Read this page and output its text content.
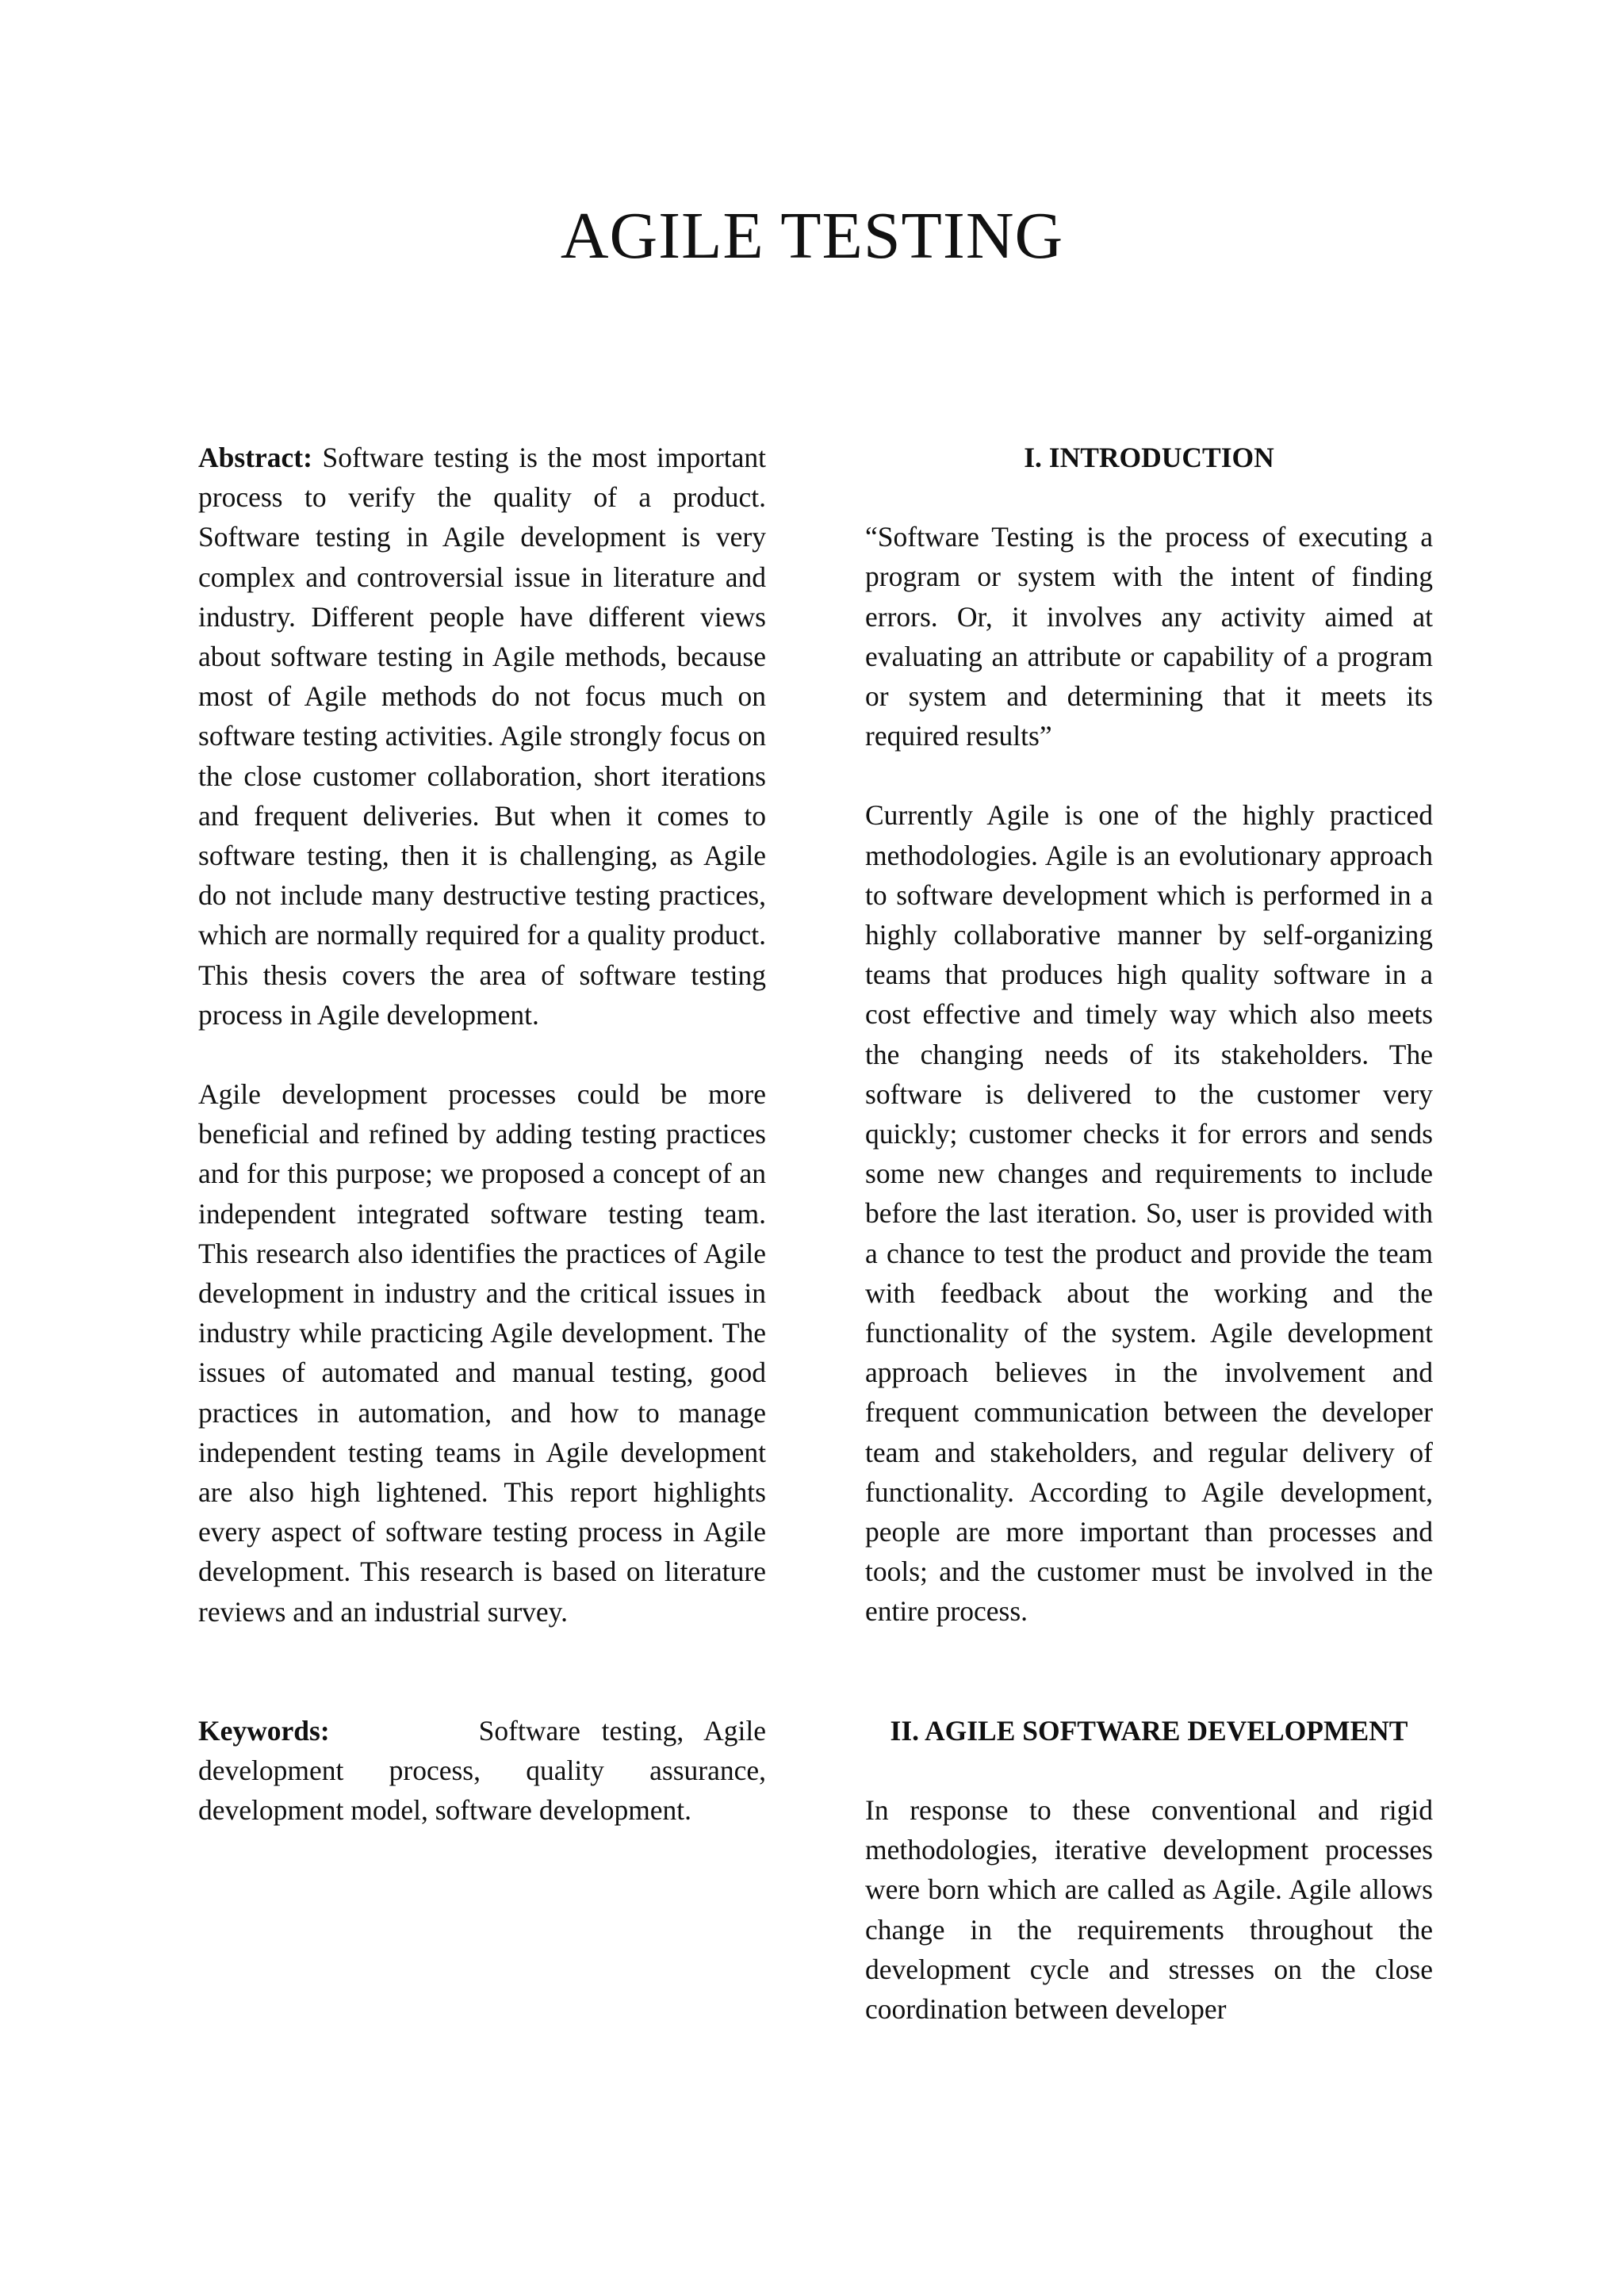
AGILE TESTING

Abstract: Software testing is the most important process to verify the quality of a product. Software testing in Agile development is very complex and controversial issue in literature and industry. Different people have different views about software testing in Agile methods, because most of Agile methods do not focus much on software testing activities. Agile strongly focus on the close customer collaboration, short iterations and frequent deliveries. But when it comes to software testing, then it is challenging, as Agile do not include many destructive testing practices, which are normally required for a quality product. This thesis covers the area of software testing process in Agile development.

Agile development processes could be more beneficial and refined by adding testing practices and for this purpose; we proposed a concept of an independent integrated software testing team. This research also identifies the practices of Agile development in industry and the critical issues in industry while practicing Agile development. The issues of automated and manual testing, good practices in automation, and how to manage independent testing teams in Agile development are also high lightened. This report highlights every aspect of software testing process in Agile development. This research is based on literature reviews and an industrial survey.

Keywords:	Software testing, Agile development process, quality assurance, development model, software development.

I. INTRODUCTION

“Software Testing is the process of executing a program or system with the intent of finding errors. Or, it involves any activity aimed at evaluating an attribute or capability of a program or system and determining that it meets its required results”

Currently Agile is one of the highly practiced methodologies. Agile is an evolutionary approach to software development which is performed in a highly collaborative manner by self-organizing teams that produces high quality software in a cost effective and timely way which also meets the changing needs of its stakeholders. The software is delivered to the customer very quickly; customer checks it for errors and sends some new changes and requirements to include before the last iteration. So, user is provided with a chance to test the product and provide the team with feedback about the working and the functionality of the system. Agile development approach believes in the involvement and frequent communication between the developer team and stakeholders, and regular delivery of functionality. According to Agile development, people are more important than processes and tools; and the customer must be involved in the entire process.

II. AGILE SOFTWARE DEVELOPMENT

In response to these conventional and rigid methodologies, iterative development processes were born which are called as Agile. Agile allows change in the requirements throughout the development cycle and stresses on the close coordination between developer
